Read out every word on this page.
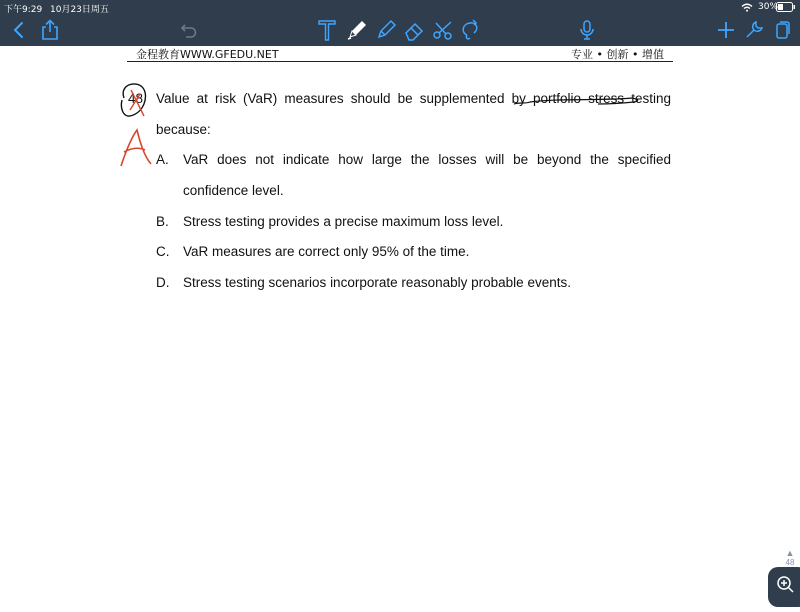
下午9:29 10月23日周五	30%
金程教育WWW.GFEDU.NET	专业 • 创新 • 增值
48 Value at risk (VaR) measures should be supplemented by portfolio stress testing
because:
A. VaR does not indicate how large the losses will be beyond the specified
confidence level.
B. Stress testing provides a precise maximum loss level.
C. VaR measures are correct only 95% of the time.
D. Stress testing scenarios incorporate reasonably probable events.
▲
48
